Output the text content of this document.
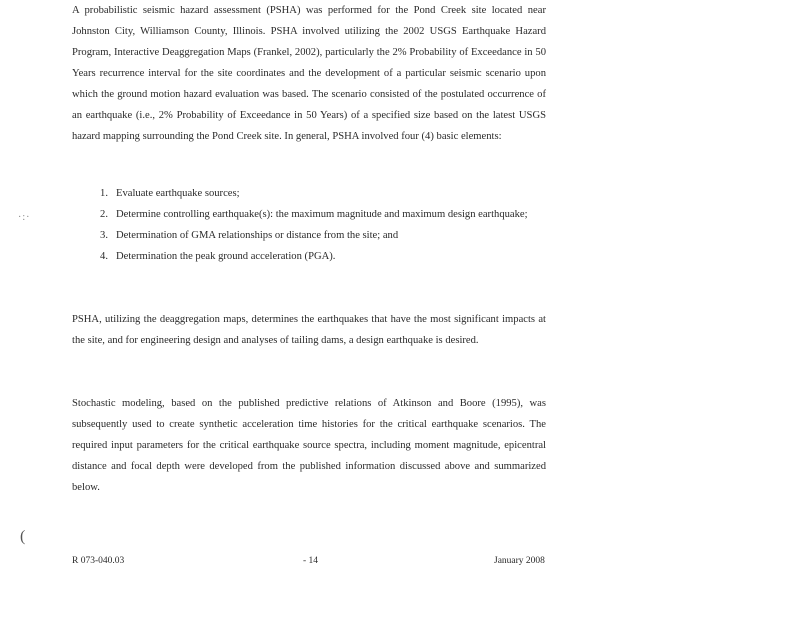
A probabilistic seismic hazard assessment (PSHA) was performed for the Pond Creek site located near Johnston City, Williamson County, Illinois. PSHA involved utilizing the 2002 USGS Earthquake Hazard Program, Interactive Deaggregation Maps (Frankel, 2002), particularly the 2% Probability of Exceedance in 50 Years recurrence interval for the site coordinates and the development of a particular seismic scenario upon which the ground motion hazard evaluation was based. The scenario consisted of the postulated occurrence of an earthquake (i.e., 2% Probability of Exceedance in 50 Years) of a specified size based on the latest USGS hazard mapping surrounding the Pond Creek site. In general, PSHA involved four (4) basic elements:

1. Evaluate earthquake sources;
2. Determine controlling earthquake(s): the maximum magnitude and maximum design earthquake;
3. Determination of GMA relationships or distance from the site; and
4. Determination the peak ground acceleration (PGA).

PSHA, utilizing the deaggregation maps, determines the earthquakes that have the most significant impacts at the site, and for engineering design and analyses of tailing dams, a design earthquake is desired.

Stochastic modeling, based on the published predictive relations of Atkinson and Boore (1995), was subsequently used to create synthetic acceleration time histories for the critical earthquake scenarios. The required input parameters for the critical earthquake source spectra, including moment magnitude, epicentral distance and focal depth were developed from the published information discussed above and summarized below.

R 073-040.03	- 14	January 2008
·:·
(
